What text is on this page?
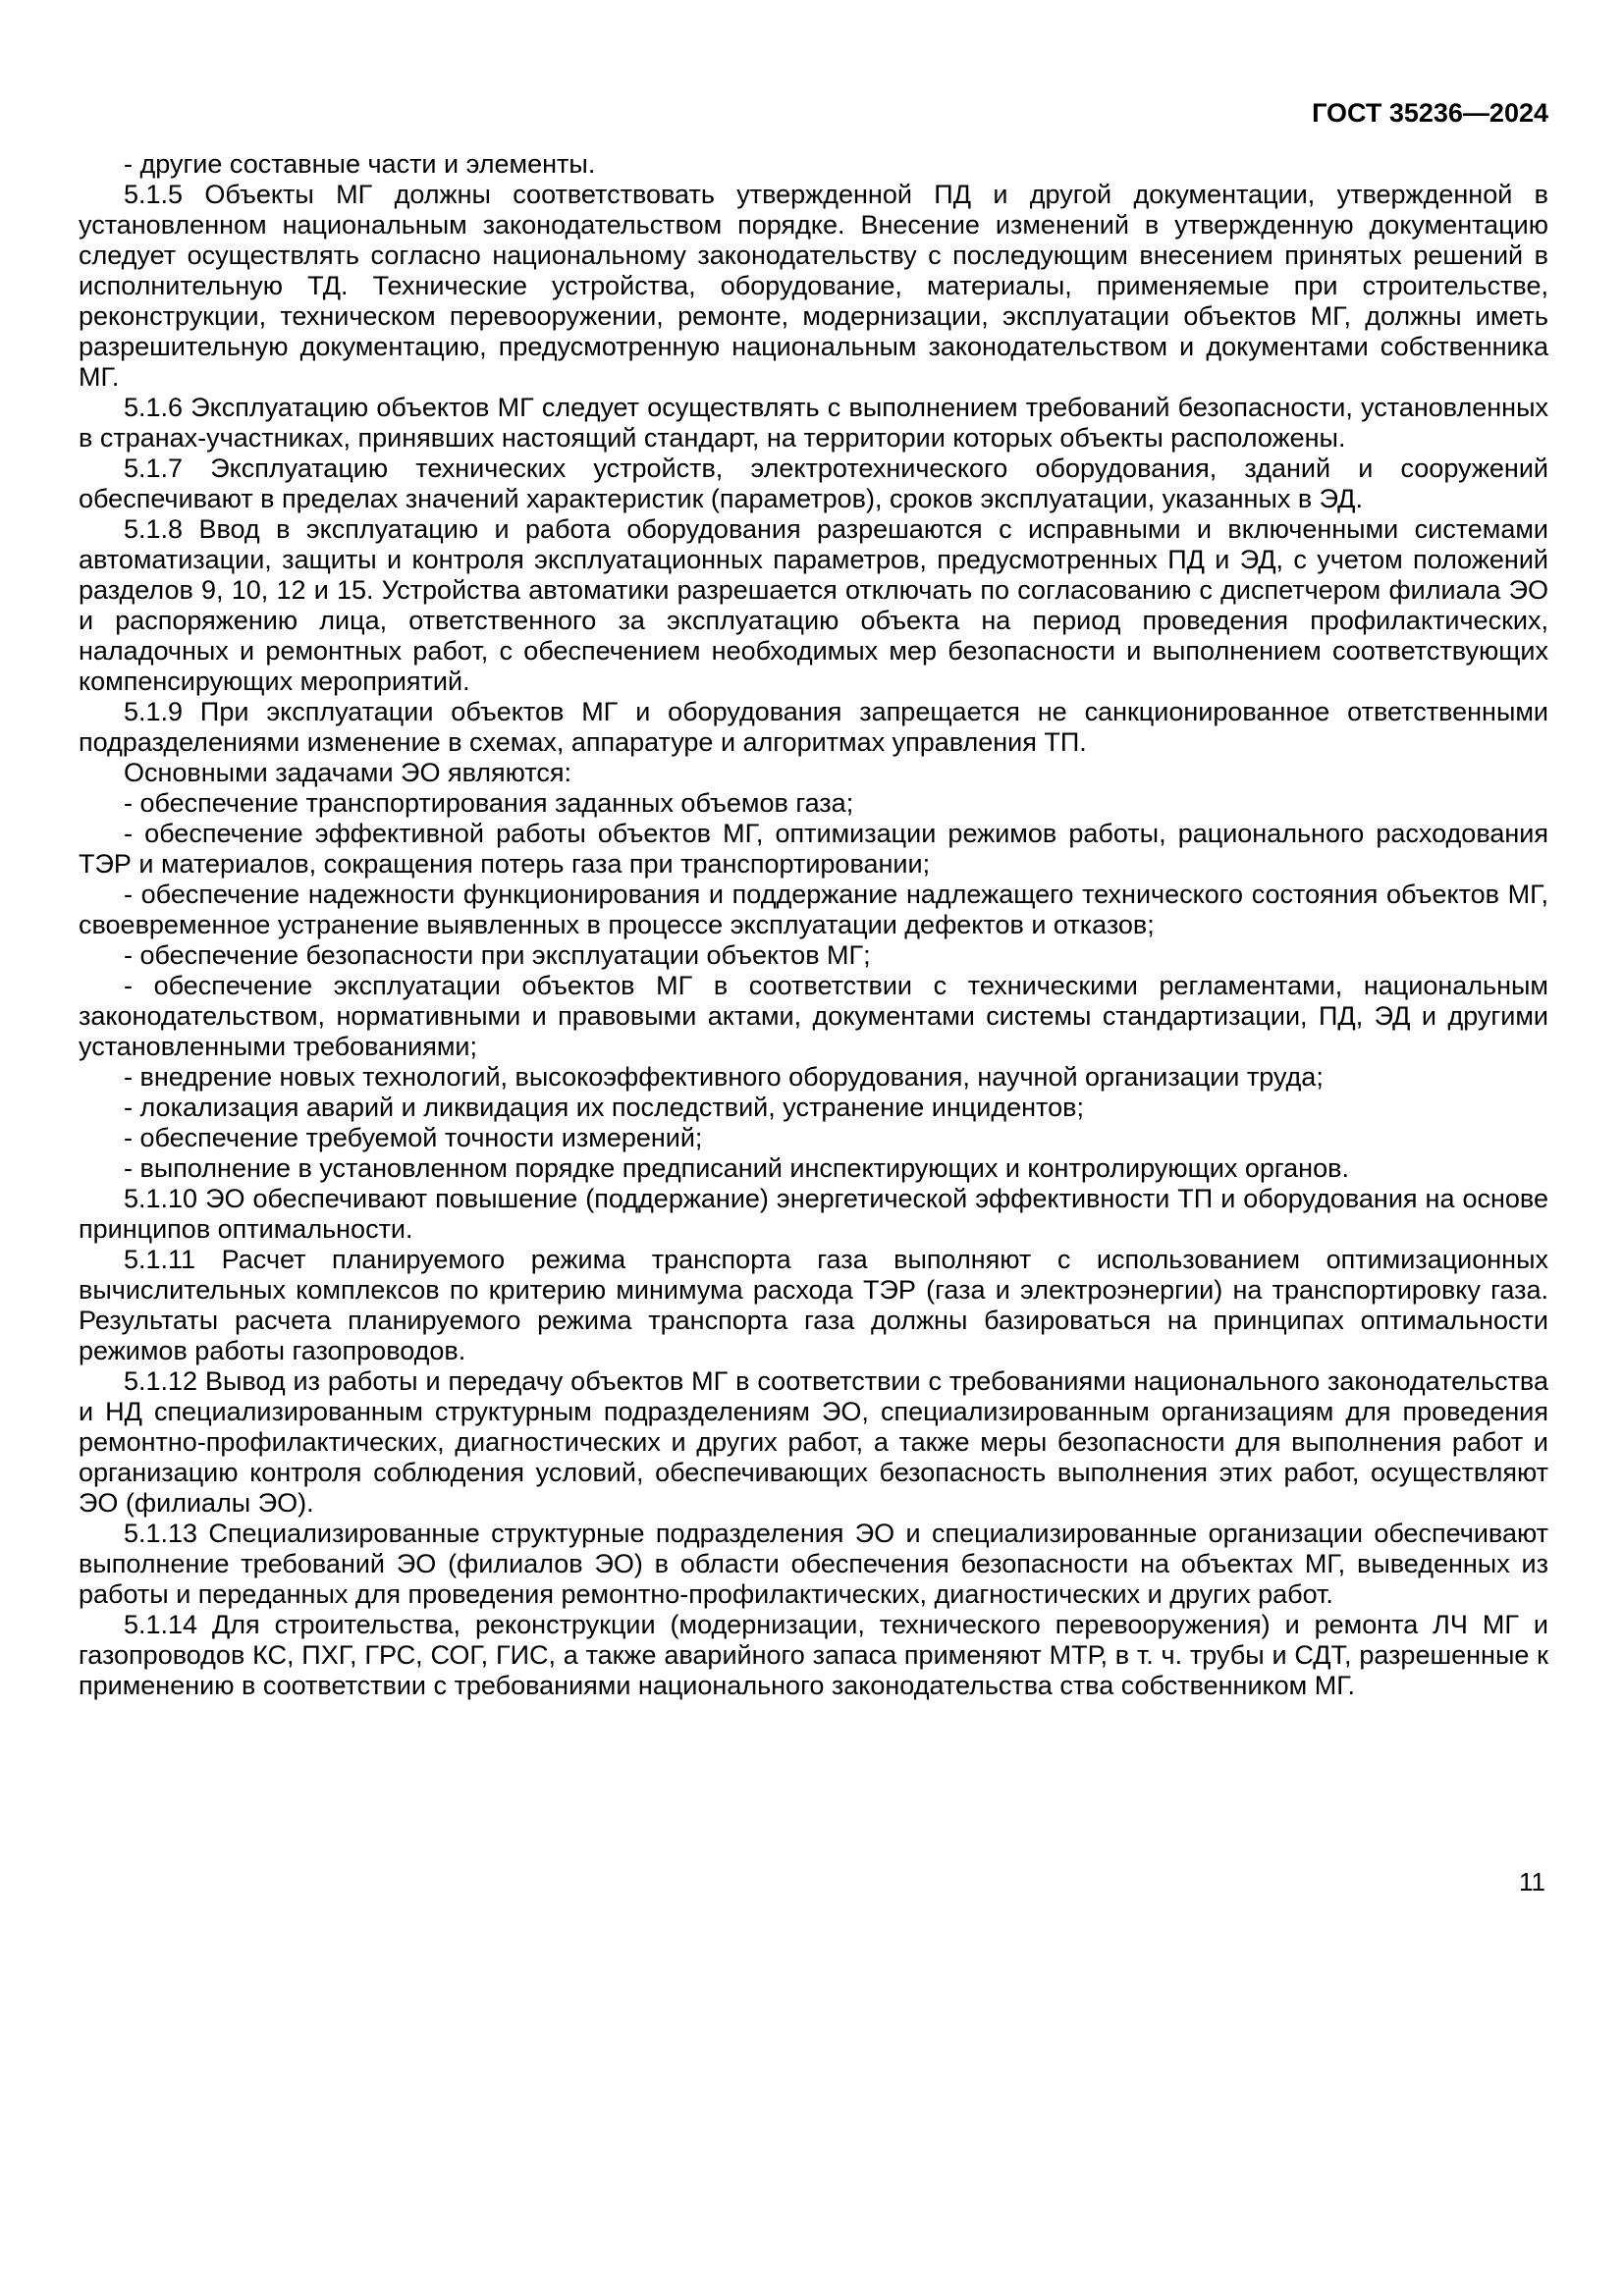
ГОСТ 35236—2024

- другие составные части и элементы.

5.1.5 Объекты МГ должны соответствовать утвержденной ПД и другой документации, утвержденной в установленном национальным законодательством порядке. Внесение изменений в утвержденную документацию следует осуществлять согласно национальному законодательству с последующим внесением принятых решений в исполнительную ТД. Технические устройства, оборудование, материалы, применяемые при строительстве, реконструкции, техническом перевооружении, ремонте, модернизации, эксплуатации объектов МГ, должны иметь разрешительную документацию, предусмотренную национальным законодательством и документами собственника МГ.

5.1.6 Эксплуатацию объектов МГ следует осуществлять с выполнением требований безопасности, установленных в странах-участниках, принявших настоящий стандарт, на территории которых объекты расположены.

5.1.7 Эксплуатацию технических устройств, электротехнического оборудования, зданий и сооружений обеспечивают в пределах значений характеристик (параметров), сроков эксплуатации, указанных в ЭД.

5.1.8 Ввод в эксплуатацию и работа оборудования разрешаются с исправными и включенными системами автоматизации, защиты и контроля эксплуатационных параметров, предусмотренных ПД и ЭД, с учетом положений разделов 9, 10, 12 и 15. Устройства автоматики разрешается отключать по согласованию с диспетчером филиала ЭО и распоряжению лица, ответственного за эксплуатацию объекта на период проведения профилактических, наладочных и ремонтных работ, с обеспечением необходимых мер безопасности и выполнением соответствующих компенсирующих мероприятий.

5.1.9 При эксплуатации объектов МГ и оборудования запрещается не санкционированное ответственными подразделениями изменение в схемах, аппаратуре и алгоритмах управления ТП.

Основными задачами ЭО являются:

- обеспечение транспортирования заданных объемов газа;

- обеспечение эффективной работы объектов МГ, оптимизации режимов работы, рационального расходования ТЭР и материалов, сокращения потерь газа при транспортировании;

- обеспечение надежности функционирования и поддержание надлежащего технического состояния объектов МГ, своевременное устранение выявленных в процессе эксплуатации дефектов и отказов;

- обеспечение безопасности при эксплуатации объектов МГ;

- обеспечение эксплуатации объектов МГ в соответствии с техническими регламентами, национальным законодательством, нормативными и правовыми актами, документами системы стандартизации, ПД, ЭД и другими установленными требованиями;

- внедрение новых технологий, высокоэффективного оборудования, научной организации труда;

- локализация аварий и ликвидация их последствий, устранение инцидентов;

- обеспечение требуемой точности измерений;

- выполнение в установленном порядке предписаний инспектирующих и контролирующих органов.

5.1.10 ЭО обеспечивают повышение (поддержание) энергетической эффективности ТП и оборудования на основе принципов оптимальности.

5.1.11 Расчет планируемого режима транспорта газа выполняют с использованием оптимизационных вычислительных комплексов по критерию минимума расхода ТЭР (газа и электроэнергии) на транспортировку газа. Результаты расчета планируемого режима транспорта газа должны базироваться на принципах оптимальности режимов работы газопроводов.

5.1.12 Вывод из работы и передачу объектов МГ в соответствии с требованиями национального законодательства и НД специализированным структурным подразделениям ЭО, специализированным организациям для проведения ремонтно-профилактических, диагностических и других работ, а также меры безопасности для выполнения работ и организацию контроля соблюдения условий, обеспечивающих безопасность выполнения этих работ, осуществляют ЭО (филиалы ЭО).

5.1.13 Специализированные структурные подразделения ЭО и специализированные организации обеспечивают выполнение требований ЭО (филиалов ЭО) в области обеспечения безопасности на объектах МГ, выведенных из работы и переданных для проведения ремонтно-профилактических, диагностических и других работ.

5.1.14 Для строительства, реконструкции (модернизации, технического перевооружения) и ремонта ЛЧ МГ и газопроводов КС, ПХГ, ГРС, СОГ, ГИС, а также аварийного запаса применяют МТР, в т. ч. трубы и СДТ, разрешенные к применению в соответствии с требованиями национального законодательства ства собственником МГ.

11
